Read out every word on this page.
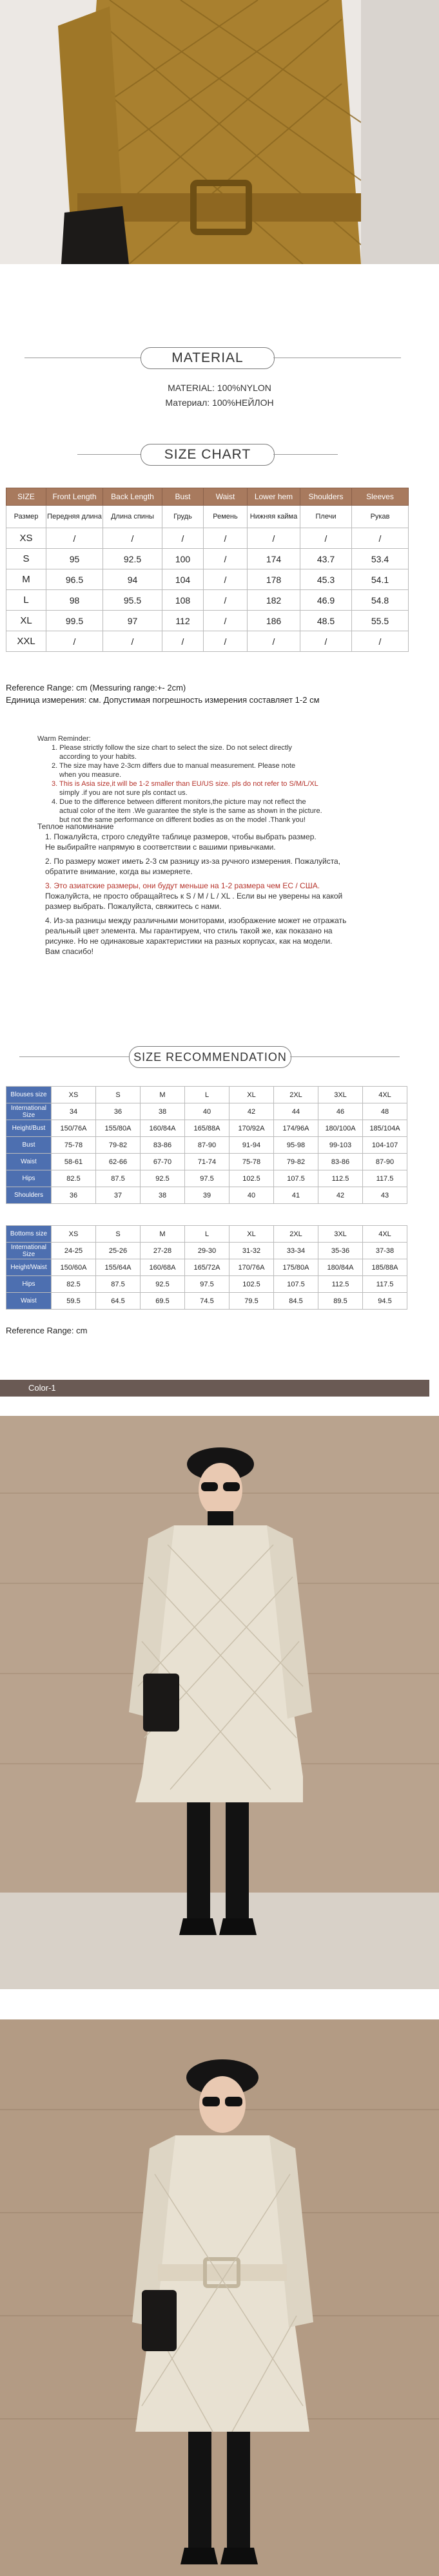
MATERIAL
MATERIAL: 100%NYLON
Материал: 100%НЕЙЛОН
SIZE CHART
SIZE	Front Length	Back Length	Bust	Waist	Lower hem	Shoulders	Sleeves
Размер	Передняя длина	Длина спины	Грудь	Ремень	Нижняя кайма	Плечи	Рукав
XS	/	/	/	/	/	/	/
S	95	92.5	100	/	174	43.7	53.4
M	96.5	94	104	/	178	45.3	54.1
L	98	95.5	108	/	182	46.9	54.8
XL	99.5	97	112	/	186	48.5	55.5
XXL	/	/	/	/	/	/	/
Reference Range: cm (Messuring range:+- 2cm)
Единица измерения: см. Допустимая погрешность измерения составляет 1-2 см
Warm Reminder:
1. Please strictly follow the size chart to select the size. Do not select directly
according to your habits.
2. The size may have 2-3cm differs due to manual measurement. Please note
when you measure.
3. This is Asia size,it will be 1-2 smaller than EU/US size. pls do not refer to S/M/L/XL
simply .if you are not sure pls contact us.
4. Due to the difference between different monitors,the picture may not reflect the
actual color of the item .We guarantee the style is the same as shown in the picture.
but not the same performance on different bodies as on the model .Thank you!
Теплое напоминание
1. Пожалуйста, строго следуйте таблице размеров, чтобы выбрать размер.
Не выбирайте напрямую в соответствии с вашими привычками.
2. По размеру может иметь 2-3 см разницу из-за ручного измерения. Пожалуйста,
обратите внимание, когда вы измеряете.
3. Это азиатские размеры, они будут меньше на 1-2 размера чем EC / США.
Пожалуйста, не просто обращайтесь к S / M / L / XL . Если вы не уверены на какой
размер выбрать. Пожалуйста, свяжитесь с нами.
4. Из-за разницы между различными мониторами, изображение может не отражать
реальный цвет элемента. Мы гарантируем, что стиль такой же, как показано на
рисунке. Но не одинаковые характеристики на разных корпусах, как на модели.
Вам спасибо!
SIZE RECOMMENDATION
Blouses size	XS	S	M	L	XL	2XL	3XL	4XL
International Size	34	36	38	40	42	44	46	48
Height/Bust	150/76A	155/80A	160/84A	165/88A	170/92A	174/96A	180/100A	185/104A
Bust	75-78	79-82	83-86	87-90	91-94	95-98	99-103	104-107
Waist	58-61	62-66	67-70	71-74	75-78	79-82	83-86	87-90
Hips	82.5	87.5	92.5	97.5	102.5	107.5	112.5	117.5
Shoulders	36	37	38	39	40	41	42	43
Bottoms size	XS	S	M	L	XL	2XL	3XL	4XL
International Size	24-25	25-26	27-28	29-30	31-32	33-34	35-36	37-38
Height/Waist	150/60A	155/64A	160/68A	165/72A	170/76A	175/80A	180/84A	185/88A
Hips	82.5	87.5	92.5	97.5	102.5	107.5	112.5	117.5
Waist	59.5	64.5	69.5	74.5	79.5	84.5	89.5	94.5
Reference Range: cm
Color-1
